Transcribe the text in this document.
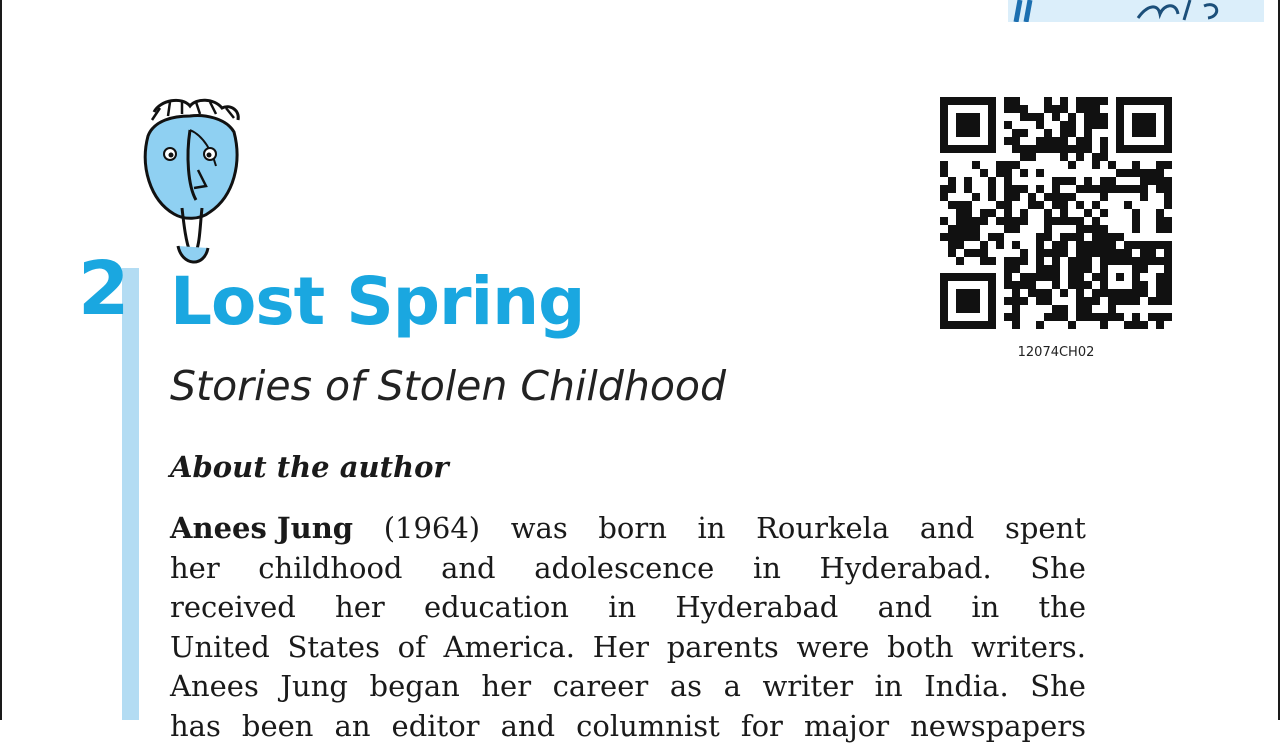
2 Lost Spring
Stories of Stolen Childhood
12074CH02
About the author
Anees Jung (1964) was born in Rourkela and spent
her childhood and adolescence in Hyderabad. She
received her education in Hyderabad and in the
United States of America. Her parents were both writers.
Anees Jung began her career as a writer in India. She
has been an editor and columnist for major newspapers
